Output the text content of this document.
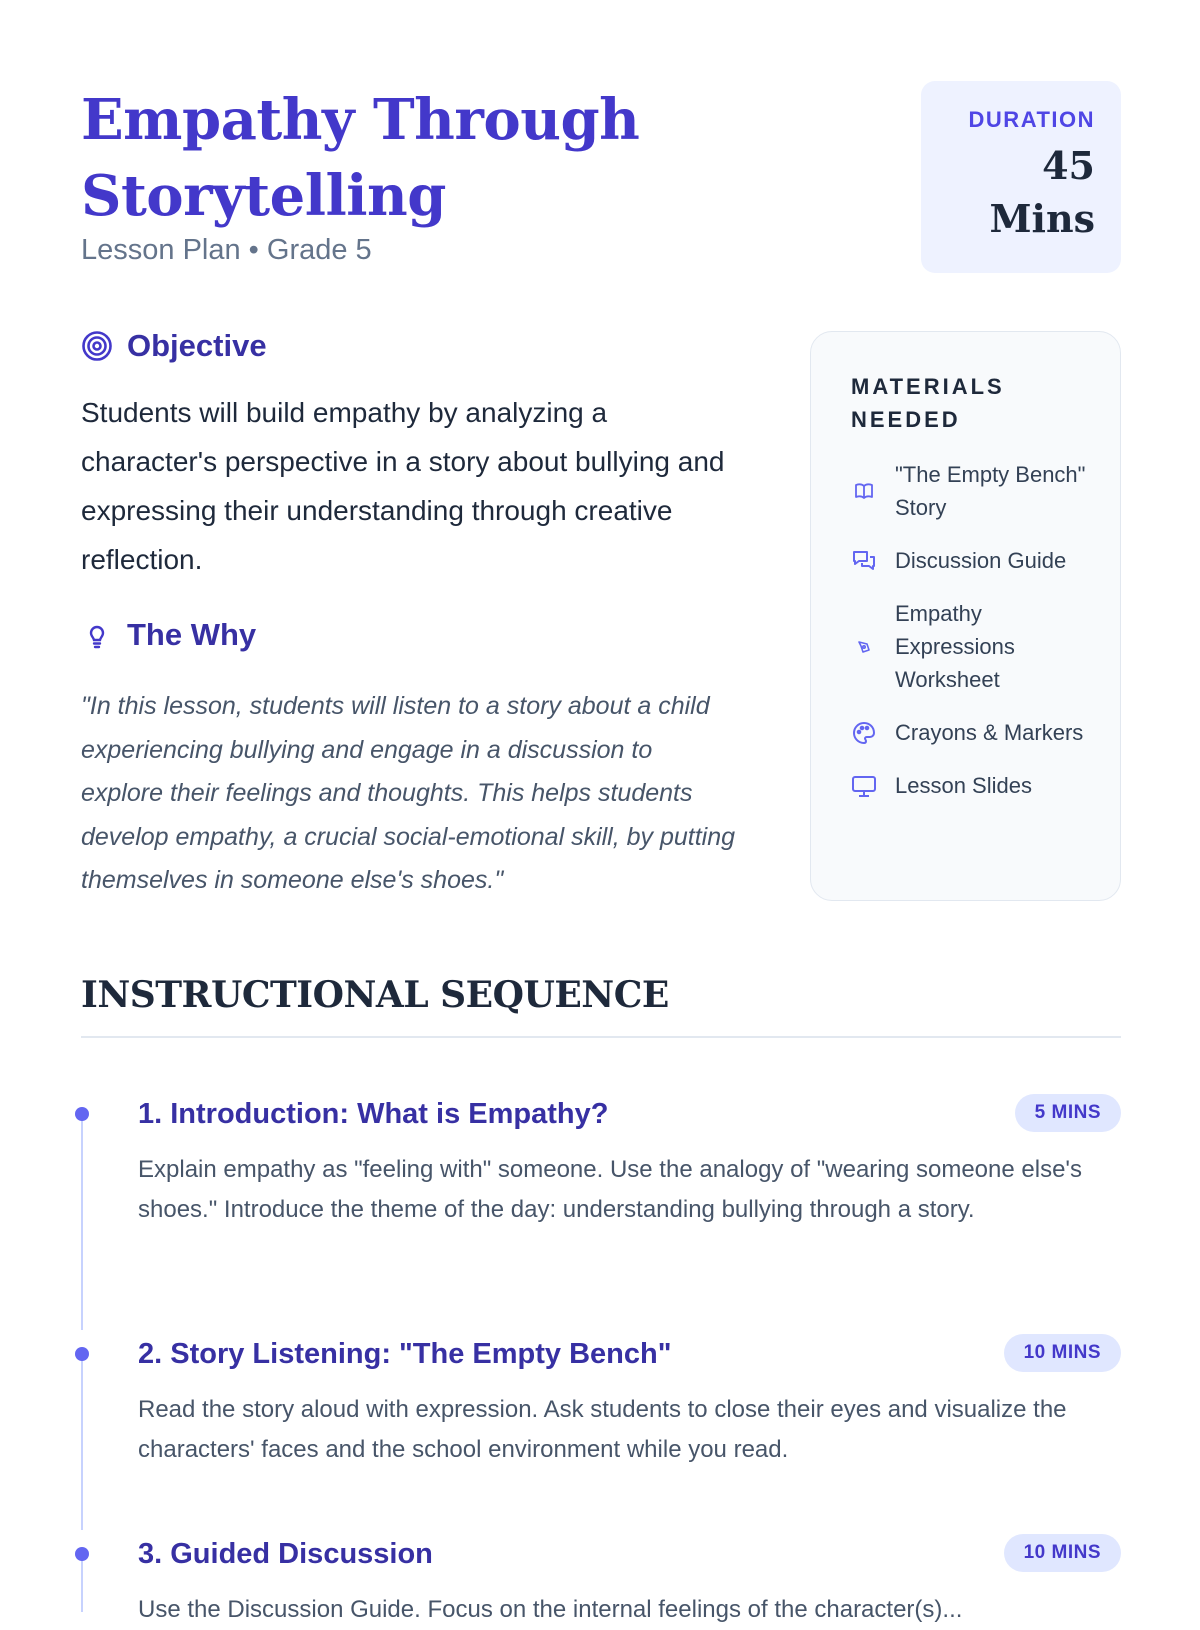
Empathy Through Storytelling
Lesson Plan • Grade 5
DURATION
45 Mins
Objective

Students will build empathy by analyzing a character's perspective in a story about bullying and expressing their understanding through creative reflection.

The Why

"In this lesson, students will listen to a story about a child experiencing bullying and engage in a discussion to explore their feelings and thoughts. This helps students develop empathy, a crucial social-emotional skill, by putting themselves in someone else's shoes."

MATERIALS NEEDED
"The Empty Bench" Story
Discussion Guide
Empathy Expressions Worksheet
Crayons & Markers
Lesson Slides
INSTRUCTIONAL SEQUENCE
1. Introduction: What is Empathy?	5 MINS

Explain empathy as "feeling with" someone. Use the analogy of "wearing someone else's shoes." Introduce the theme of the day: understanding bullying through a story.

2. Story Listening: "The Empty Bench"	10 MINS

Read the story aloud with expression. Ask students to close their eyes and visualize the characters' faces and the school environment while you read.

3. Guided Discussion	10 MINS

Use the Discussion Guide. Focus on the internal feelings of the character(s)...
